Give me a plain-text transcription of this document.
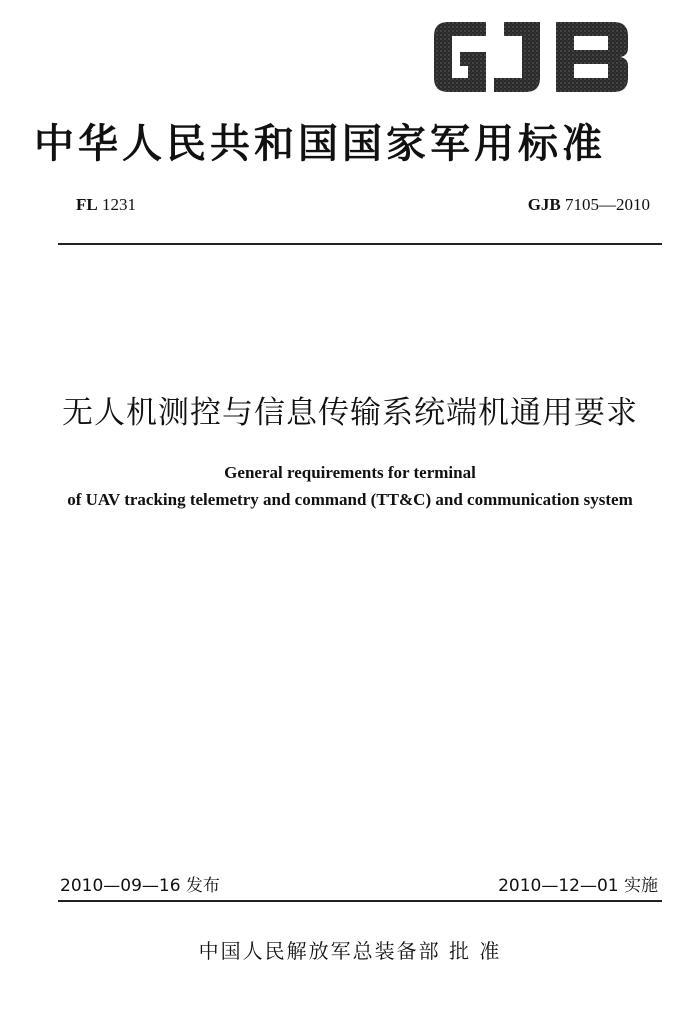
中华人民共和国国家军用标准
FL 1231	GJB 7105—2010
无人机测控与信息传输系统端机通用要求
General requirements for terminal
of UAV tracking telemetry and command (TT&C) and communication system
2010—09—16 发布	2010—12—01 实施
中国人民解放军总装备部 批 准
